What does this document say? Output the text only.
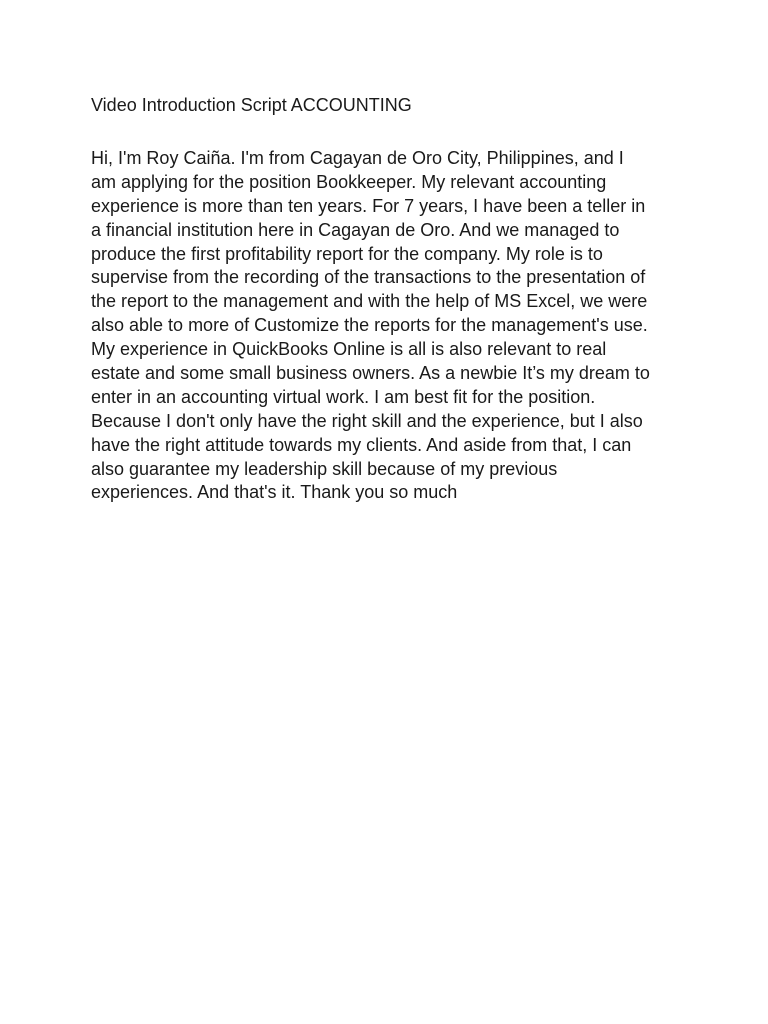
Video Introduction Script ACCOUNTING
Hi, I'm Roy Caiña. I'm from Cagayan de Oro City, Philippines, and I
am applying for the position Bookkeeper. My relevant accounting
experience is more than ten years. For 7 years, I have been a teller in
a financial institution here in Cagayan de Oro. And we managed to
produce the first profitability report for the company. My role is to
supervise from the recording of the transactions to the presentation of
the report to the management and with the help of MS Excel, we were
also able to more of Customize the reports for the management's use.
My experience in QuickBooks Online is all is also relevant to real
estate and some small business owners. As a newbie It’s my dream to
enter in an accounting virtual work. I am best fit for the position.
Because I don't only have the right skill and the experience, but I also
have the right attitude towards my clients. And aside from that, I can
also guarantee my leadership skill because of my previous
experiences. And that's it. Thank you so much
